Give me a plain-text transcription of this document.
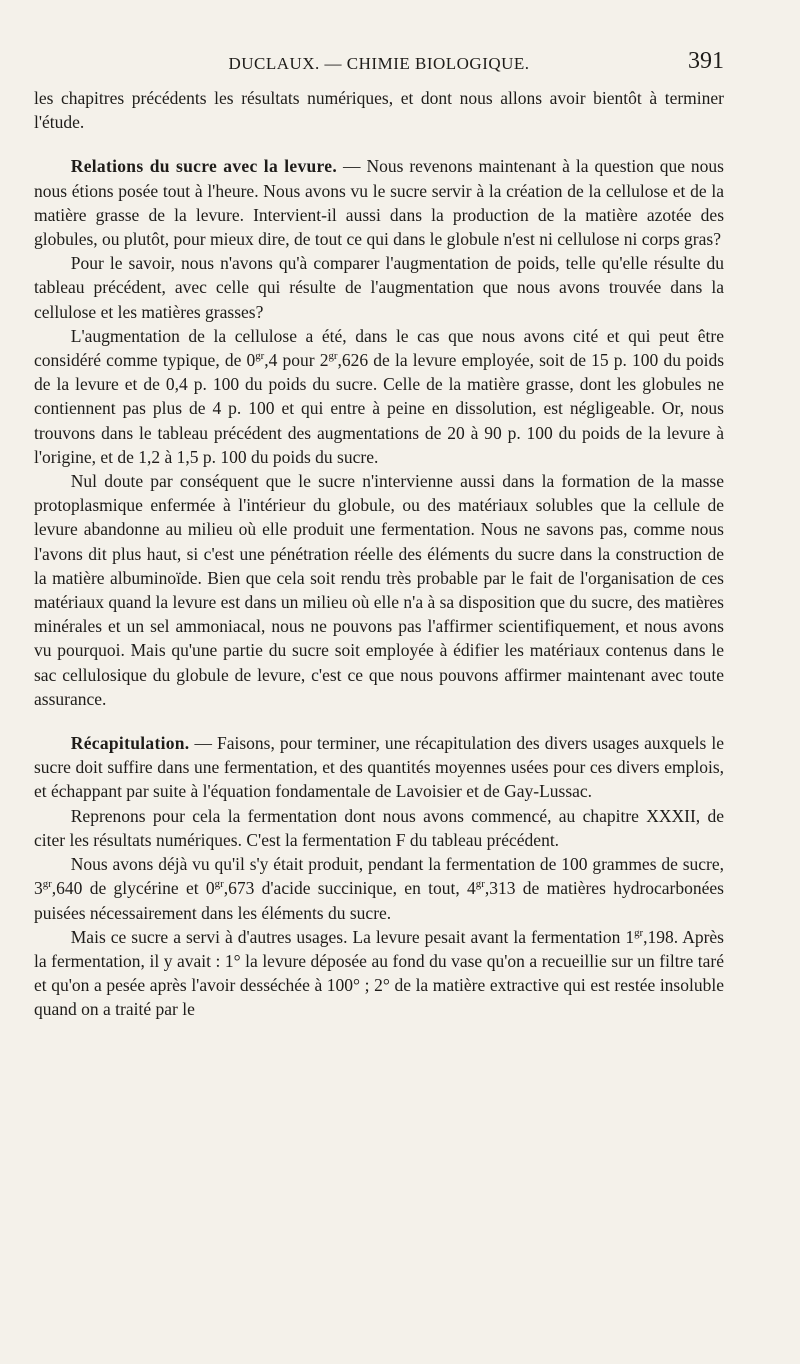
DUCLAUX. — CHIMIE BIOLOGIQUE.	391

les chapitres précédents les résultats numériques, et dont nous allons avoir bientôt à terminer l'étude.

Relations du sucre avec la levure. — Nous revenons maintenant à la question que nous nous étions posée tout à l'heure. Nous avons vu le sucre servir à la création de la cellulose et de la matière grasse de la levure. Intervient-il aussi dans la production de la matière azotée des globules, ou plutôt, pour mieux dire, de tout ce qui dans le globule n'est ni cellulose ni corps gras?

Pour le savoir, nous n'avons qu'à comparer l'augmentation de poids, telle qu'elle résulte du tableau précédent, avec celle qui résulte de l'augmentation que nous avons trouvée dans la cellulose et les matières grasses?

L'augmentation de la cellulose a été, dans le cas que nous avons cité et qui peut être considéré comme typique, de $0^{gr},4$ pour $2^{gr},626$ de la levure employée, soit de 15 p. 100 du poids de la levure et de 0,4 p. 100 du poids du sucre. Celle de la matière grasse, dont les globules ne contiennent pas plus de 4 p. 100 et qui entre à peine en dissolution, est négligeable. Or, nous trouvons dans le tableau précédent des augmentations de 20 à 90 p. 100 du poids de la levure à l'origine, et de 1,2 à 1,5 p. 100 du poids du sucre.

Nul doute par conséquent que le sucre n'intervienne aussi dans la formation de la masse protoplasmique enfermée à l'intérieur du globule, ou des matériaux solubles que la cellule de levure abandonne au milieu où elle produit une fermentation. Nous ne savons pas, comme nous l'avons dit plus haut, si c'est une pénétration réelle des éléments du sucre dans la construction de la matière albuminoïde. Bien que cela soit rendu très probable par le fait de l'organisation de ces matériaux quand la levure est dans un milieu où elle n'a à sa disposition que du sucre, des matières minérales et un sel ammoniacal, nous ne pouvons pas l'affirmer scientifiquement, et nous avons vu pourquoi. Mais qu'une partie du sucre soit employée à édifier les matériaux contenus dans le sac cellulosique du globule de levure, c'est ce que nous pouvons affirmer maintenant avec toute assurance.

Récapitulation. — Faisons, pour terminer, une récapitulation des divers usages auxquels le sucre doit suffire dans une fermentation, et des quantités moyennes usées pour ces divers emplois, et échappant par suite à l'équation fondamentale de Lavoisier et de Gay-Lussac.

Reprenons pour cela la fermentation dont nous avons commencé, au chapitre XXXII, de citer les résultats numériques. C'est la fermentation F du tableau précédent.

Nous avons déjà vu qu'il s'y était produit, pendant la fermentation de 100 grammes de sucre, $3^{gr},640$ de glycérine et $0^{gr},673$ d'acide succinique, en tout, $4^{gr},313$ de matières hydrocarbonées puisées nécessairement dans les éléments du sucre.

Mais ce sucre a servi à d'autres usages. La levure pesait avant la fermentation $1^{gr},198$. Après la fermentation, il y avait : 1° la levure déposée au fond du vase qu'on a recueillie sur un filtre taré et qu'on a pesée après l'avoir desséchée à 100° ; 2° de la matière extractive qui est restée insoluble quand on a traité par le
